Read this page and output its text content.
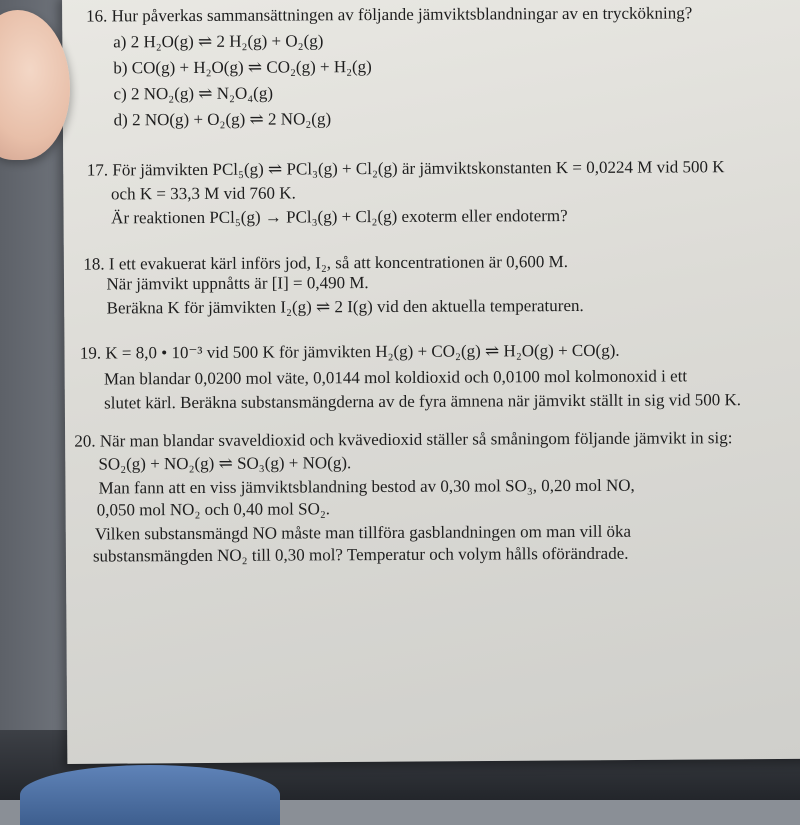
16. Hur påverkas sammansättningen av följande jämviktsblandningar av en tryckökning?
a) 2 H₂O(g) ⇌ 2 H₂(g) + O₂(g)
b) CO(g) + H₂O(g) ⇌ CO₂(g) + H₂(g)
c) 2 NO₂(g) ⇌ N₂O₄(g)
d) 2 NO(g) + O₂(g) ⇌ 2 NO₂(g)
17. För jämvikten PCl₅(g) ⇌ PCl₃(g) + Cl₂(g) är jämviktskonstanten K = 0,0224 M vid 500 K
och K = 33,3 M vid 760 K.
Är reaktionen PCl₅(g) → PCl₃(g) + Cl₂(g) exoterm eller endoterm?
18. I ett evakuerat kärl införs jod, I₂, så att koncentrationen är 0,600 M.
När jämvikt uppnåtts är [I] = 0,490 M.
Beräkna K för jämvikten I₂(g) ⇌ 2 I(g) vid den aktuella temperaturen.
19. K = 8,0 • 10⁻³ vid 500 K för jämvikten H₂(g) + CO₂(g) ⇌ H₂O(g) + CO(g).
Man blandar 0,0200 mol väte, 0,0144 mol koldioxid och 0,0100 mol kolmonoxid i ett
slutet kärl. Beräkna substansmängderna av de fyra ämnena när jämvikt ställt in sig vid 500 K.
20. När man blandar svaveldioxid och kvävedioxid ställer så småningom följande jämvikt in sig:
SO₂(g) + NO₂(g) ⇌ SO₃(g) + NO(g).
Man fann att en viss jämviktsblandning bestod av 0,30 mol SO₃, 0,20 mol NO,
0,050 mol NO₂ och 0,40 mol SO₂.
Vilken substansmängd NO måste man tillföra gasblandningen om man vill öka
substansmängden NO₂ till 0,30 mol? Temperatur och volym hålls oförändrade.
